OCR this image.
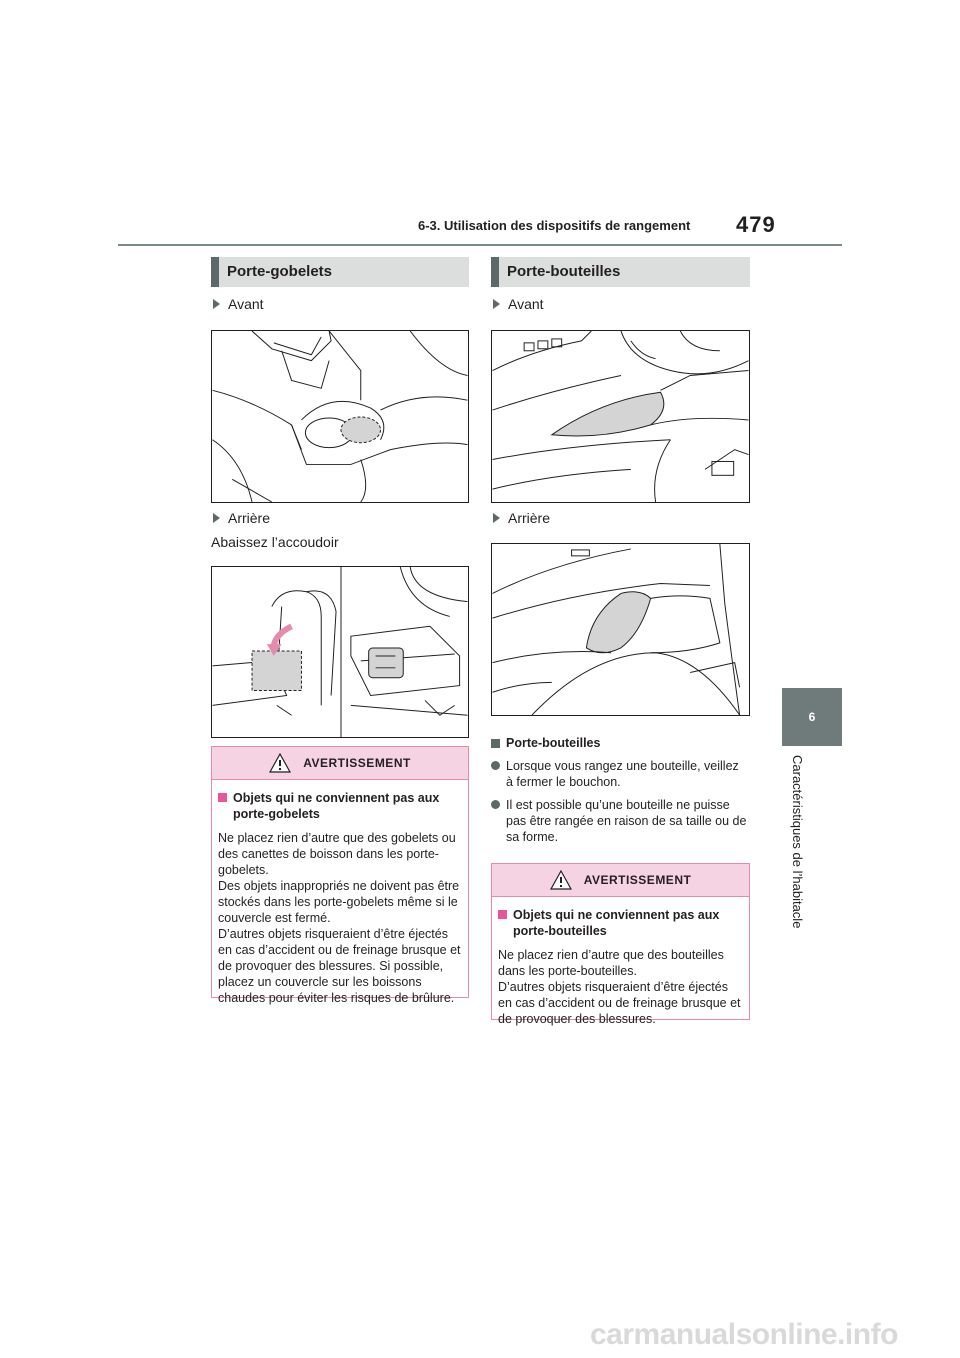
6-3. Utilisation des dispositifs de rangement 479
6
Caractéristiques de l’habitacle
Porte-gobelets
Avant
Arrière
Abaissez l’accoudoir
AVERTISSEMENT
Objets qui ne conviennent pas aux porte-gobelets
Ne placez rien d’autre que des gobelets ou des canettes de boisson dans les porte-gobelets.
Des objets inappropriés ne doivent pas être stockés dans les porte-gobelets même si le couvercle est fermé.
D’autres objets risqueraient d’être éjectés en cas d’accident ou de freinage brusque et de provoquer des blessures. Si possible, placez un couvercle sur les boissons chaudes pour éviter les risques de brûlure.
Porte-bouteilles
Avant
Arrière
Porte-bouteilles
Lorsque vous rangez une bouteille, veillez à fermer le bouchon.
Il est possible qu’une bouteille ne puisse pas être rangée en raison de sa taille ou de sa forme.
AVERTISSEMENT
Objets qui ne conviennent pas aux porte-bouteilles
Ne placez rien d’autre que des bouteilles dans les porte-bouteilles.
D’autres objets risqueraient d’être éjectés en cas d’accident ou de freinage brusque et de provoquer des blessures.
carmanualsonline.info
